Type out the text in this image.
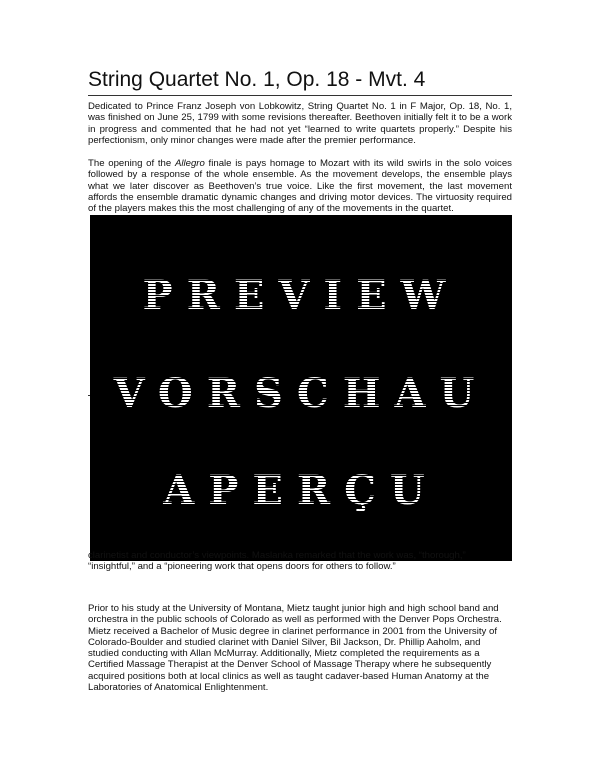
String Quartet No. 1, Op. 18 - Mvt. 4

Dedicated to Prince Franz Joseph von Lobkowitz, String Quartet No. 1 in F Major, Op. 18, No. 1, was finished on June 25, 1799 with some revisions thereafter. Beethoven initially felt it to be a work in progress and commented that he had not yet “learned to write quartets properly.” Despite his perfectionism, only minor changes were made after the premier performance.

The opening of the Allegro finale is pays homage to Mozart with its wild swirls in the solo voices followed by a response of the whole ensemble. As the movement develops, the ensemble plays what we later discover as Beethoven’s true voice. Like the first movement, the last movement affords the ensemble dramatic dynamic changes and driving motor devices. The virtuosity required of the players makes this the most challenging of any of the movements in the quartet.

PREVIEW
VORSCHAU
APERÇU

clarinetist and conductor’s viewpoints. Maslanka remarked that the work was, “thorough,” “insightful,” and a “pioneering work that opens doors for others to follow.”

Prior to his study at the University of Montana, Mietz taught junior high and high school band and orchestra in the public schools of Colorado as well as performed with the Denver Pops Orchestra. Mietz received a Bachelor of Music degree in clarinet performance in 2001 from the University of Colorado-Boulder and studied clarinet with Daniel Silver, Bil Jackson, Dr. Phillip Aaholm, and studied conducting with Allan McMurray. Additionally, Mietz completed the requirements as a Certified Massage Therapist at the Denver School of Massage Therapy where he subsequently acquired positions both at local clinics as well as taught cadaver-based Human Anatomy at the Laboratories of Anatomical Enlightenment.
